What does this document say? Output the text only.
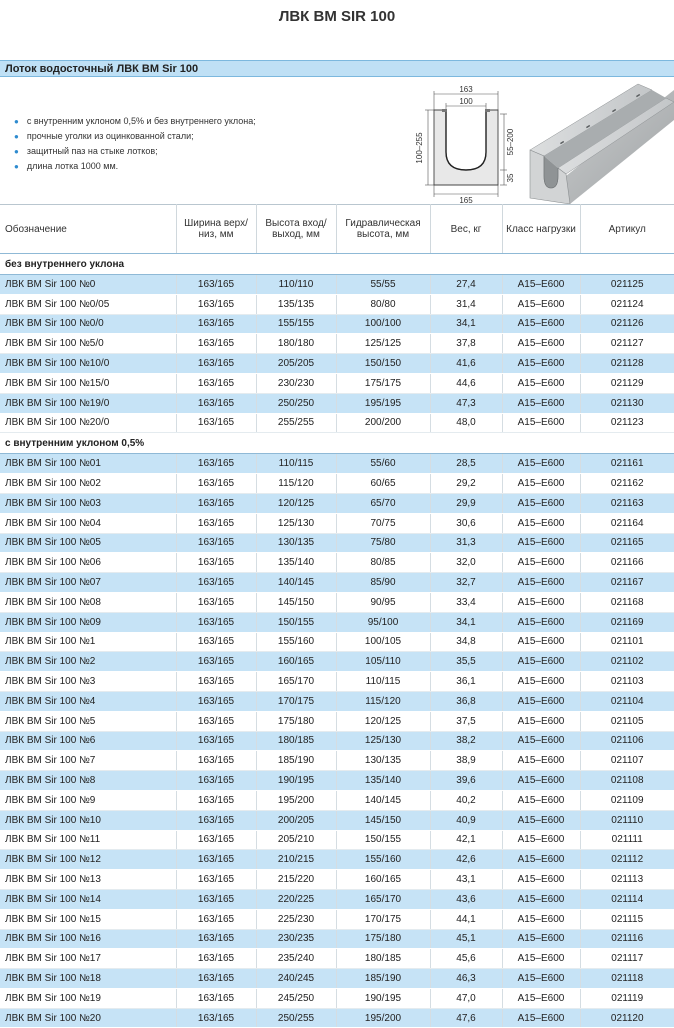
ЛВК ВМ SIR 100
Лоток водосточный ЛВК ВМ Sir 100
● с внутренним уклоном 0,5% и без внутреннего уклона;
● прочные уголки из оцинкованной стали;
● защитный паз на стыке лотков;
● длина лотка 1000 мм.
163
100
165
100–255	55–200
35
Обозначение	Ширина верх/низ, мм	Высота вход/выход, мм	Гидравлическая высота, мм	Вес, кг	Класс нагрузки	Артикул
без внутреннего уклона						
ЛВК ВМ Sir 100 №0	163/165	110/110	55/55	27,4	А15–Е600	021125
ЛВК ВМ Sir 100 №0/05	163/165	135/135	80/80	31,4	А15–Е600	021124
ЛВК ВМ Sir 100 №0/0	163/165	155/155	100/100	34,1	А15–Е600	021126
ЛВК ВМ Sir 100 №5/0	163/165	180/180	125/125	37,8	А15–Е600	021127
ЛВК ВМ Sir 100 №10/0	163/165	205/205	150/150	41,6	А15–Е600	021128
ЛВК ВМ Sir 100 №15/0	163/165	230/230	175/175	44,6	А15–Е600	021129
ЛВК ВМ Sir 100 №19/0	163/165	250/250	195/195	47,3	А15–Е600	021130
ЛВК ВМ Sir 100 №20/0	163/165	255/255	200/200	48,0	А15–Е600	021123
с внутренним уклоном 0,5%						
ЛВК ВМ Sir 100 №01	163/165	110/115	55/60	28,5	А15–Е600	021161
ЛВК ВМ Sir 100 №02	163/165	115/120	60/65	29,2	А15–Е600	021162
ЛВК ВМ Sir 100 №03	163/165	120/125	65/70	29,9	А15–Е600	021163
ЛВК ВМ Sir 100 №04	163/165	125/130	70/75	30,6	А15–Е600	021164
ЛВК ВМ Sir 100 №05	163/165	130/135	75/80	31,3	А15–Е600	021165
ЛВК ВМ Sir 100 №06	163/165	135/140	80/85	32,0	А15–Е600	021166
ЛВК ВМ Sir 100 №07	163/165	140/145	85/90	32,7	А15–Е600	021167
ЛВК ВМ Sir 100 №08	163/165	145/150	90/95	33,4	А15–Е600	021168
ЛВК ВМ Sir 100 №09	163/165	150/155	95/100	34,1	А15–Е600	021169
ЛВК ВМ Sir 100 №1	163/165	155/160	100/105	34,8	А15–Е600	021101
ЛВК ВМ Sir 100 №2	163/165	160/165	105/110	35,5	А15–Е600	021102
ЛВК ВМ Sir 100 №3	163/165	165/170	110/115	36,1	А15–Е600	021103
ЛВК ВМ Sir 100 №4	163/165	170/175	115/120	36,8	А15–Е600	021104
ЛВК ВМ Sir 100 №5	163/165	175/180	120/125	37,5	А15–Е600	021105
ЛВК ВМ Sir 100 №6	163/165	180/185	125/130	38,2	А15–Е600	021106
ЛВК ВМ Sir 100 №7	163/165	185/190	130/135	38,9	А15–Е600	021107
ЛВК ВМ Sir 100 №8	163/165	190/195	135/140	39,6	А15–Е600	021108
ЛВК ВМ Sir 100 №9	163/165	195/200	140/145	40,2	А15–Е600	021109
ЛВК ВМ Sir 100 №10	163/165	200/205	145/150	40,9	А15–Е600	021110
ЛВК ВМ Sir 100 №11	163/165	205/210	150/155	42,1	А15–Е600	021111
ЛВК ВМ Sir 100 №12	163/165	210/215	155/160	42,6	А15–Е600	021112
ЛВК ВМ Sir 100 №13	163/165	215/220	160/165	43,1	А15–Е600	021113
ЛВК ВМ Sir 100 №14	163/165	220/225	165/170	43,6	А15–Е600	021114
ЛВК ВМ Sir 100 №15	163/165	225/230	170/175	44,1	А15–Е600	021115
ЛВК ВМ Sir 100 №16	163/165	230/235	175/180	45,1	А15–Е600	021116
ЛВК ВМ Sir 100 №17	163/165	235/240	180/185	45,6	А15–Е600	021117
ЛВК ВМ Sir 100 №18	163/165	240/245	185/190	46,3	А15–Е600	021118
ЛВК ВМ Sir 100 №19	163/165	245/250	190/195	47,0	А15–Е600	021119
ЛВК ВМ Sir 100 №20	163/165	250/255	195/200	47,6	А15–Е600	021120
